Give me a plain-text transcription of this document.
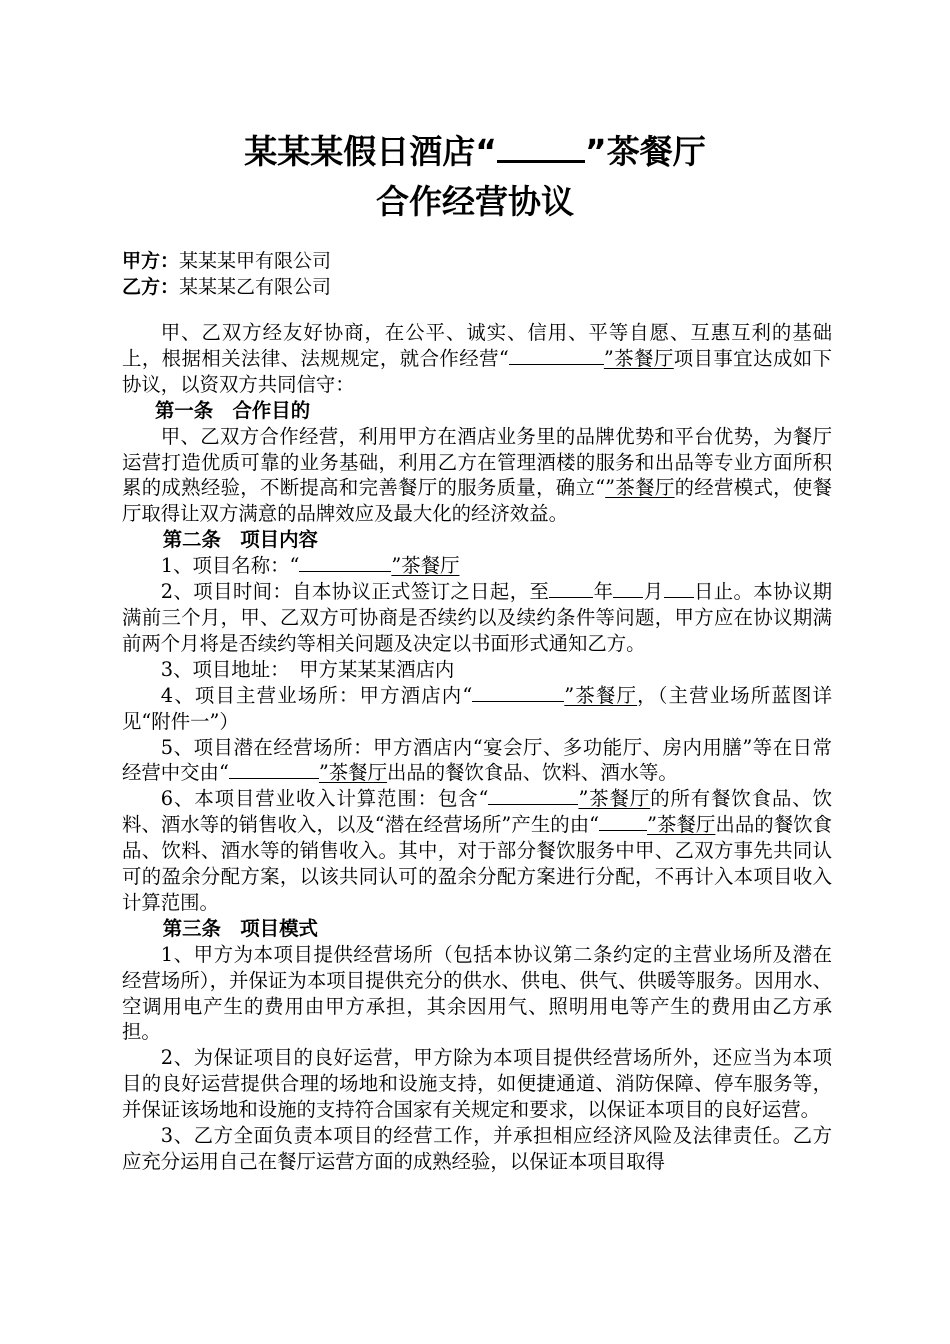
某某某假日酒店“	”茶餐厅
合作经营协议
甲方：某某某甲有限公司
乙方：某某某乙有限公司

甲、乙双方经友好协商，在公平、诚实、信用、平等自愿、互惠互利的基础上，根据相关法律、法规规定，就合作经营“	”茶餐厅项目事宜达成如下协议，以资双方共同信守：

第一条　合作目的

甲、乙双方合作经营，利用甲方在酒店业务里的品牌优势和平台优势，为餐厅运营打造优质可靠的业务基础，利用乙方在管理酒楼的服务和出品等专业方面所积累的成熟经验，不断提高和完善餐厅的服务质量，确立“”茶餐厅的经营模式，使餐厅取得让双方满意的品牌效应及最大化的经济效益。

第二条　项目内容

1、项目名称：“	”茶餐厅

2、项目时间：自本协议正式签订之日起，至 年 月 日止。本协议期满前三个月，甲、乙双方可协商是否续约以及续约条件等问题，甲方应在协议期满前两个月将是否续约等相关问题及决定以书面形式通知乙方。

3、项目地址：　甲方某某某酒店内

4、项目主营业场所：甲方酒店内“	”茶餐厅，（主营业场所蓝图详见“附件一”）

5、项目潜在经营场所：甲方酒店内“宴会厅、多功能厅、房内用膳”等在日常经营中交由“	”茶餐厅出品的餐饮食品、饮料、酒水等。

6、本项目营业收入计算范围：包含“	”茶餐厅的所有餐饮食品、饮料、酒水等的销售收入，以及“潜在经营场所”产生的由“ ”茶餐厅出品的餐饮食品、饮料、酒水等的销售收入。其中，对于部分餐饮服务中甲、乙双方事先共同认可的盈余分配方案，以该共同认可的盈余分配方案进行分配，不再计入本项目收入计算范围。

第三条　项目模式

1、甲方为本项目提供经营场所（包括本协议第二条约定的主营业场所及潜在经营场所），并保证为本项目提供充分的供水、供电、供气、供暖等服务。因用水、空调用电产生的费用由甲方承担，其余因用气、照明用电等产生的费用由乙方承担。

2、为保证项目的良好运营，甲方除为本项目提供经营场所外，还应当为本项目的良好运营提供合理的场地和设施支持，如便捷通道、消防保障、停车服务等，并保证该场地和设施的支持符合国家有关规定和要求，以保证本项目的良好运营。

3、乙方全面负责本项目的经营工作，并承担相应经济风险及法律责任。乙方应充分运用自己在餐厅运营方面的成熟经验，以保证本项目取得
